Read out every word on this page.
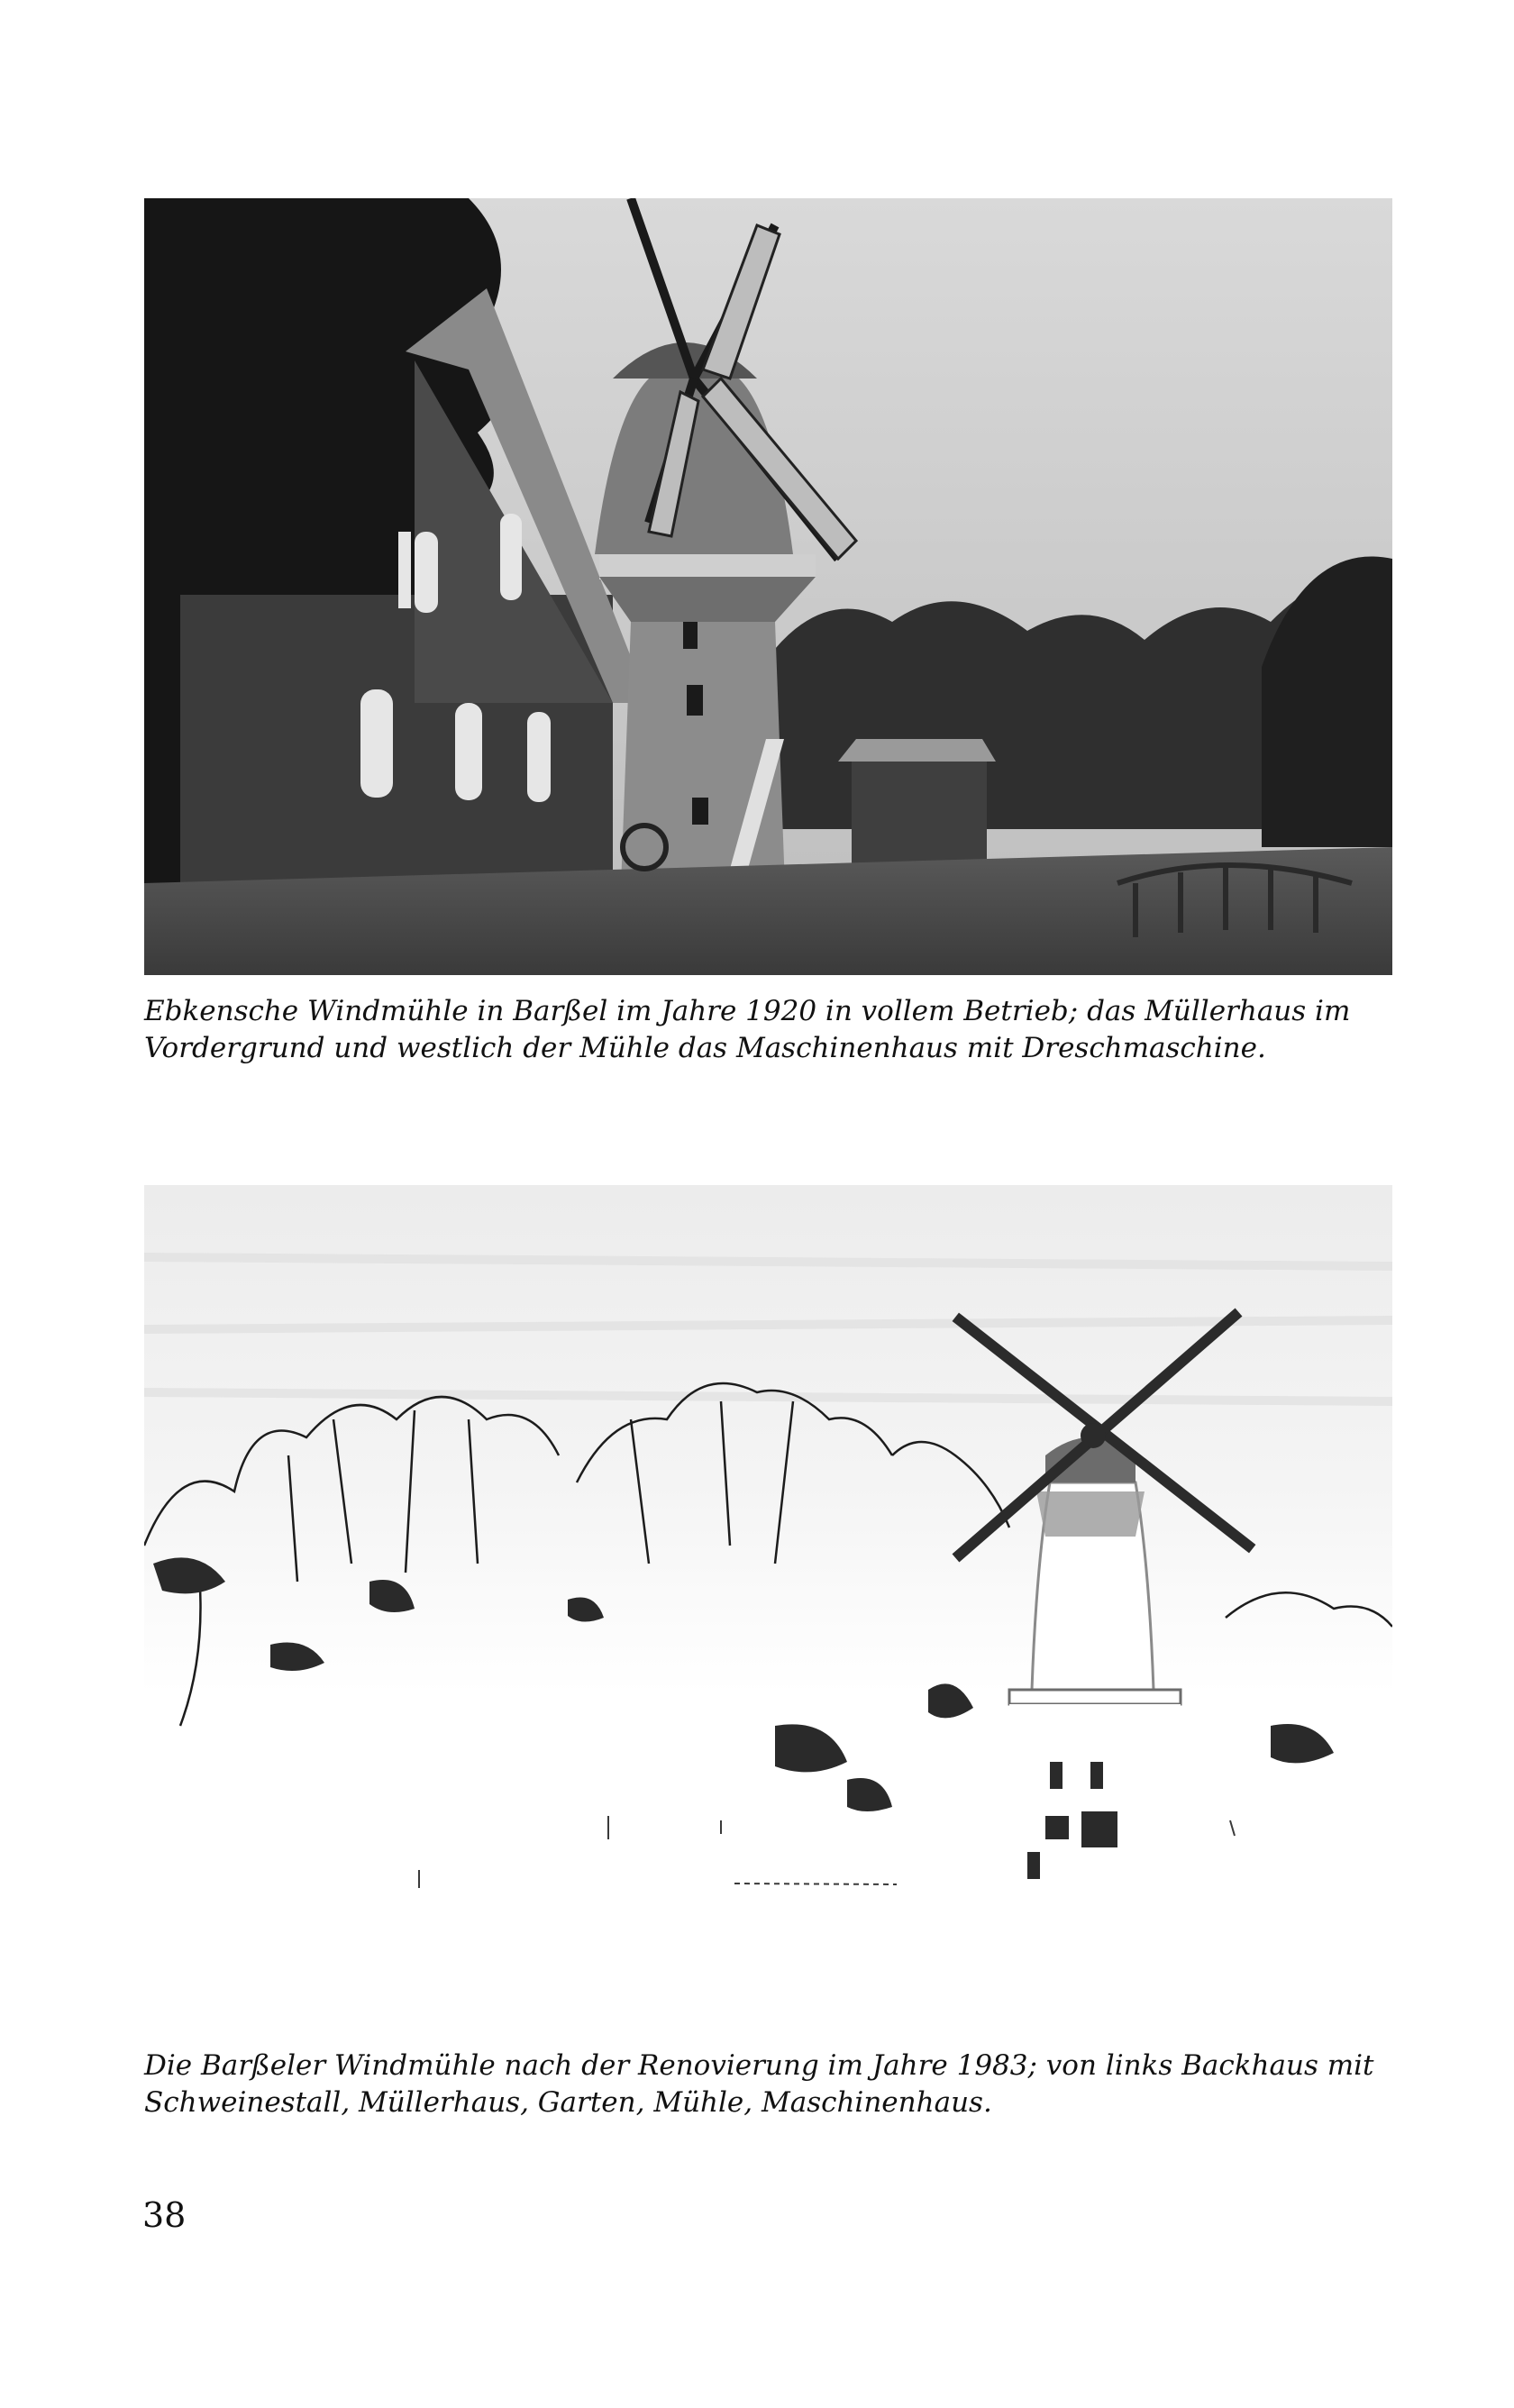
Ebkensche Windmühle in Barßel im Jahre 1920 in vollem Betrieb; das Müllerhaus im
Vordergrund und westlich der Mühle das Maschinenhaus mit Dreschmaschine.
Die Barßeler Windmühle nach der Renovierung im Jahre 1983; von links Backhaus mit
Schweinestall, Müllerhaus, Garten, Mühle, Maschinenhaus.
38
